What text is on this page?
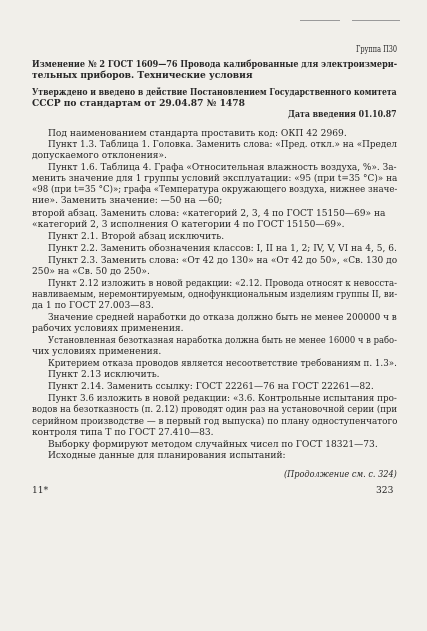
Группа П30
Изменение № 2 ГОСТ 1609—76 Провода калиброванные для электроизмери-
тельных приборов. Технические условия
Утверждено и введено в действие Постановлением Государственного комитета
СССР по стандартам от 29.04.87 № 1478
Дата введения 01.10.87
Под наименованием стандарта проставить код: ОКП 42 2969.
Пункт 1.3. Таблица 1. Головка. Заменить слова: «Пред. откл.» на «Предел
допускаемого отклонения».
Пункт 1.6. Таблица 4. Графа «Относительная влажность воздуха, %». За-
менить значение для 1 группы условий эксплуатации: «95 (при t=35 °С)» на
«98 (при t=35 °С)»; графа «Температура окружающего воздуха, нижнее значе-
ние». Заменить значение: —50 на —60;
второй абзац. Заменить слова: «категорий 2, 3, 4 по ГОСТ 15150—69» на
«категорий 2, 3 исполнения О категории 4 по ГОСТ 15150—69».
Пункт 2.1. Второй абзац исключить.
Пункт 2.2. Заменить обозначения классов: I, II на 1, 2; IV, V, VI на 4, 5, 6.
Пункт 2.3. Заменить слова: «От 42 до 130» на «От 42 до 50», «Св. 130 до
250» на «Св. 50 до 250».
Пункт 2.12 изложить в новой редакции: «2.12. Провода относят к невосста-
навливаемым, неремонтируемым, однофункциональным изделиям группы II, ви-
да 1 по ГОСТ 27.003—83.
Значение средней наработки до отказа должно быть не менее 200000 ч в
рабочих условиях применения.
Установленная безотказная наработка должна быть не менее 16000 ч в рабо-
чих условиях применения.
Критерием отказа проводов является несоответствие требованиям п. 1.3».
Пункт 2.13 исключить.
Пункт 2.14. Заменить ссылку: ГОСТ 22261—76 на ГОСТ 22261—82.
Пункт 3.6 изложить в новой редакции: «3.6. Контрольные испытания про-
водов на безотказность (п. 2.12) проводят один раз на установочной серии (при
серийном производстве — в первый год выпуска) по плану одноступенчатого
контроля типа Т по ГОСТ 27.410—83.
Выборку формируют методом случайных чисел по ГОСТ 18321—73.
Исходные данные для планирования испытаний:
(Продолжение см. с. 324)
11*	323
